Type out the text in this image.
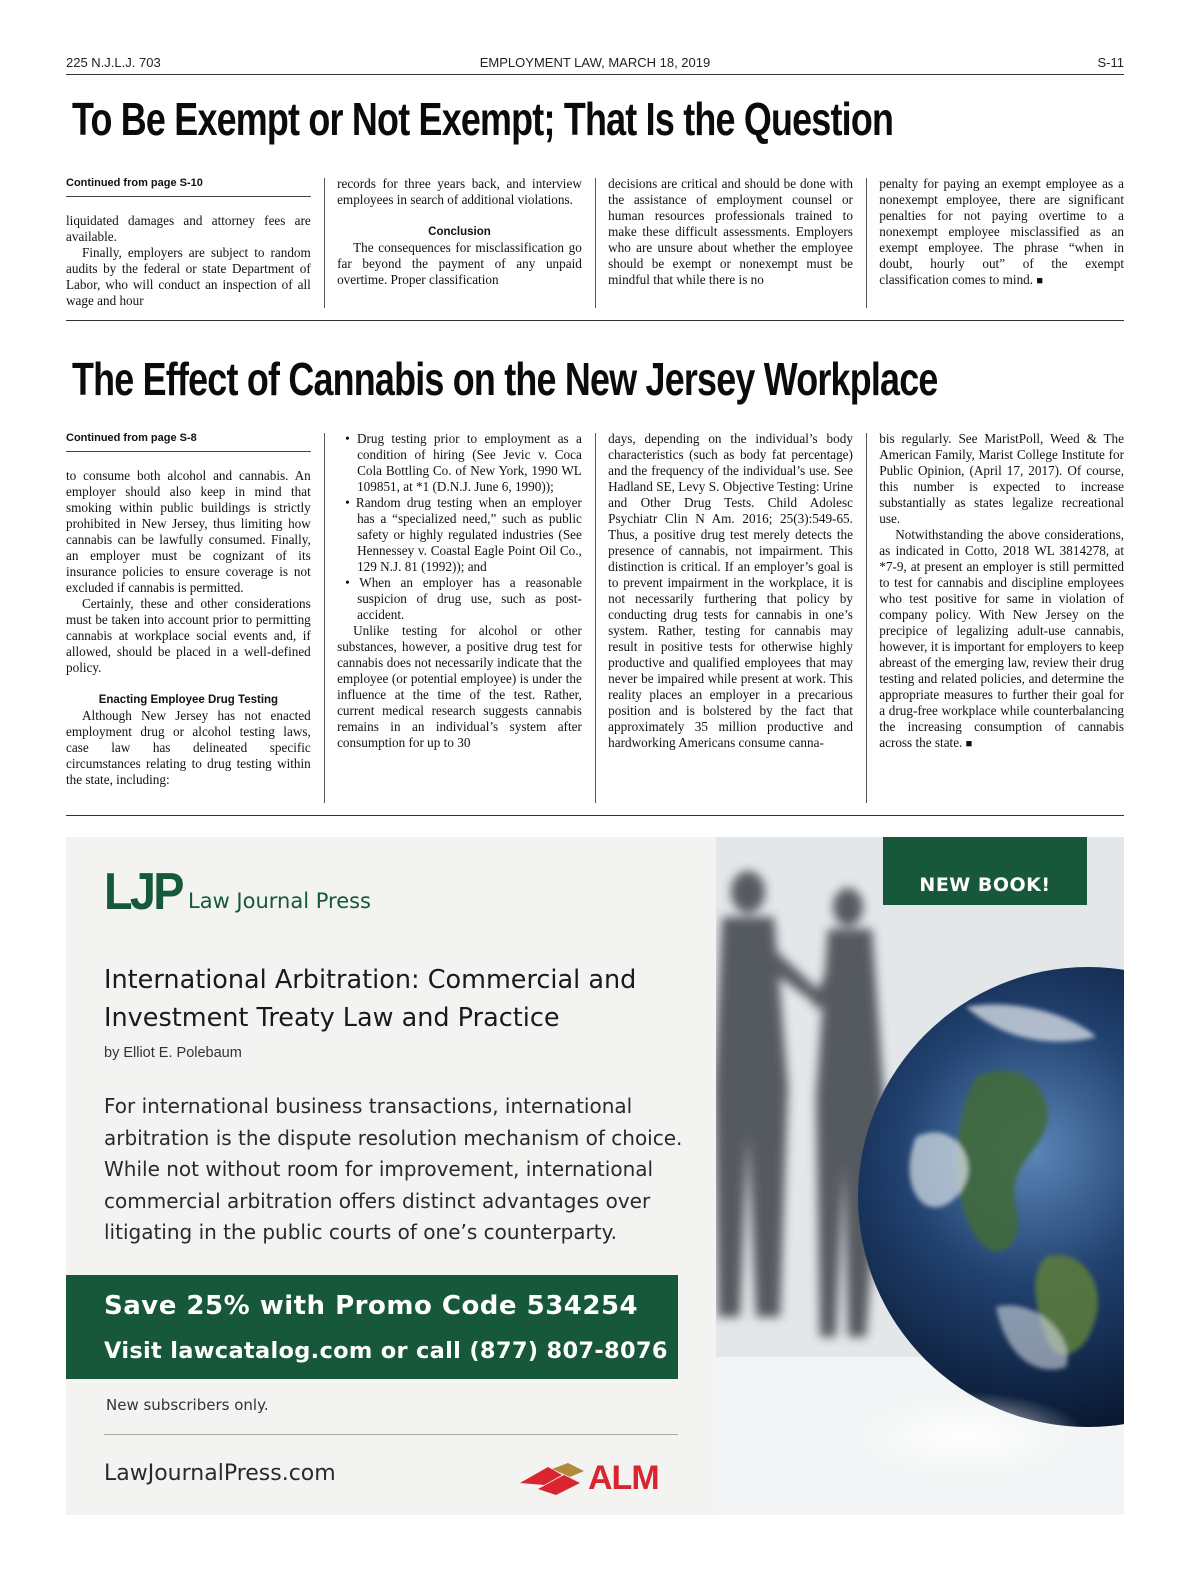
225 N.J.L.J. 703	EMPLOYMENT LAW, MARCH 18, 2019	S-11
To Be Exempt or Not Exempt; That Is the Question
Continued from page S-10

liquidated damages and attorney fees are available.

Finally, employers are subject to random audits by the federal or state Department of Labor, who will conduct an inspection of all wage and hour

records for three years back, and interview employees in search of additional violations.

Conclusion

The consequences for misclassification go far beyond the payment of any unpaid overtime. Proper classification

decisions are critical and should be done with the assistance of employment counsel or human resources professionals trained to make these difficult assessments. Employers who are unsure about whether the employee should be exempt or nonexempt must be mindful that while there is no

penalty for paying an exempt employee as a nonexempt employee, there are significant penalties for not paying overtime to a nonexempt employee misclassified as an exempt employee. The phrase “when in doubt, hourly out” of the exempt classification comes to mind. ■

The Effect of Cannabis on the New Jersey Workplace
Continued from page S-8

to consume both alcohol and cannabis. An employer should also keep in mind that smoking within public buildings is strictly prohibited in New Jersey, thus limiting how cannabis can be lawfully consumed. Finally, an employer must be cognizant of its insurance policies to ensure coverage is not excluded if cannabis is permitted.

Certainly, these and other considerations must be taken into account prior to permitting cannabis at workplace social events and, if allowed, should be placed in a well-defined policy.

Enacting Employee Drug Testing

Although New Jersey has not enacted employment drug or alcohol testing laws, case law has delineated specific circumstances relating to drug testing within the state, including:

• Drug testing prior to employment as a condition of hiring (See Jevic v. Coca Cola Bottling Co. of New York, 1990 WL 109851, at *1 (D.N.J. June 6, 1990));

• Random drug testing when an employer has a “specialized need,” such as public safety or highly regulated industries (See Hennessey v. Coastal Eagle Point Oil Co., 129 N.J. 81 (1992)); and

• When an employer has a reasonable suspicion of drug use, such as post-accident.

Unlike testing for alcohol or other substances, however, a positive drug test for cannabis does not necessarily indicate that the employee (or potential employee) is under the influence at the time of the test. Rather, current medical research suggests cannabis remains in an individual’s system after consumption for up to 30

days, depending on the individual’s body characteristics (such as body fat percentage) and the frequency of the individual’s use. See Hadland SE, Levy S. Objective Testing: Urine and Other Drug Tests. Child Adolesc Psychiatr Clin N Am. 2016; 25(3):549-65. Thus, a positive drug test merely detects the presence of cannabis, not impairment. This distinction is critical. If an employer’s goal is to prevent impairment in the workplace, it is not necessarily furthering that policy by conducting drug tests for cannabis in one’s system. Rather, testing for cannabis may result in positive tests for otherwise highly productive and qualified employees that may never be impaired while present at work. This reality places an employer in a precarious position and is bolstered by the fact that approximately 35 million productive and hardworking Americans consume canna-

bis regularly. See MaristPoll, Weed & The American Family, Marist College Institute for Public Opinion, (April 17, 2017). Of course, this number is expected to increase substantially as states legalize recreational use.

Notwithstanding the above considerations, as indicated in Cotto, 2018 WL 3814278, at *7-9, at present an employer is still permitted to test for cannabis and discipline employees who test positive for same in violation of company policy. With New Jersey on the precipice of legalizing adult-use cannabis, however, it is important for employers to keep abreast of the emerging law, review their drug testing and related policies, and determine the appropriate measures to further their goal for a drug-free workplace while counterbalancing the increasing consumption of cannabis across the state. ■

NEW BOOK!
LJP Law Journal Press
International Arbitration: Commercial and
Investment Treaty Law and Practice
by Elliot E. Polebaum
For international business transactions, international arbitration is the dispute resolution mechanism of choice. While not without room for improvement, international commercial arbitration offers distinct advantages over litigating in the public courts of one’s counterparty.
Save 25% with Promo Code 534254
Visit lawcatalog.com or call (877) 807-8076
New subscribers only.
LawJournalPress.com	ALM
